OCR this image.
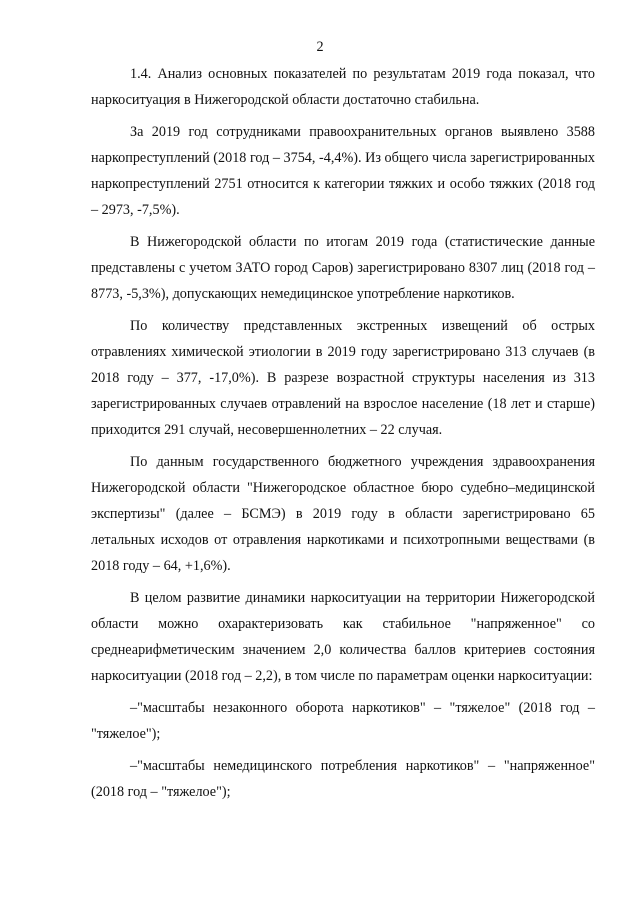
2

1.4. Анализ основных показателей по результатам 2019 года показал, что наркоситуация в Нижегородской области достаточно стабильна.

За 2019 год сотрудниками правоохранительных органов выявлено 3588 наркопреступлений (2018 год – 3754, -4,4%). Из общего числа зарегистрированных наркопреступлений 2751 относится к категории тяжких и особо тяжких (2018 год – 2973, -7,5%).

В Нижегородской области по итогам 2019 года (статистические данные представлены с учетом ЗАТО город Саров) зарегистрировано 8307 лиц (2018 год – 8773, -5,3%), допускающих немедицинское употребление наркотиков.

По количеству представленных экстренных извещений об острых отравлениях химической этиологии в 2019 году зарегистрировано 313 случаев (в 2018 году – 377, -17,0%). В разрезе возрастной структуры населения из 313 зарегистрированных случаев отравлений на взрослое население (18 лет и старше) приходится 291 случай, несовершеннолетних – 22 случая.

По данным государственного бюджетного учреждения здравоохранения Нижегородской области "Нижегородское областное бюро судебно–медицинской экспертизы" (далее – БСМЭ) в 2019 году в области зарегистрировано 65 летальных исходов от отравления наркотиками и психотропными веществами (в 2018 году – 64, +1,6%).

В целом развитие динамики наркоситуации на территории Нижегородской области можно охарактеризовать как стабильное "напряженное" со среднеарифметическим значением 2,0 количества баллов критериев состояния наркоситуации (2018 год – 2,2), в том числе по параметрам оценки наркоситуации:

–"масштабы незаконного оборота наркотиков" – "тяжелое" (2018 год – "тяжелое");

–"масштабы немедицинского потребления наркотиков" – "напряженное" (2018 год – "тяжелое");
